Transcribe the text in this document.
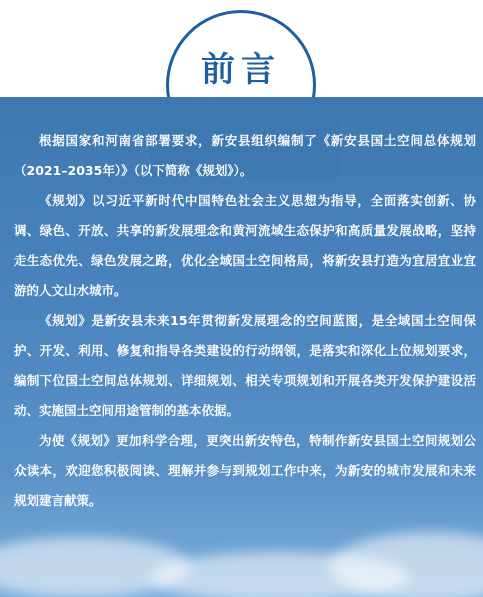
前言

根据国家和河南省部署要求，新安县组织编制了《新安县国土空间总体规划（2021–2035年）》（以下简称《规划》）。

《规划》以习近平新时代中国特色社会主义思想为指导，全面落实创新、协调、绿色、开放、共享的新发展理念和黄河流域生态保护和高质量发展战略，坚持走生态优先、绿色发展之路，优化全域国土空间格局，将新安县打造为宜居宜业宜游的人文山水城市。

《规划》是新安县未来15年贯彻新发展理念的空间蓝图，是全域国土空间保护、开发、利用、修复和指导各类建设的行动纲领，是落实和深化上位规划要求，编制下位国土空间总体规划、详细规划、相关专项规划和开展各类开发保护建设活动、实施国土空间用途管制的基本依据。

为使《规划》更加科学合理，更突出新安特色，特制作新安县国土空间规划公众读本，欢迎您积极阅读、理解并参与到规划工作中来，为新安的城市发展和未来规划建言献策。
